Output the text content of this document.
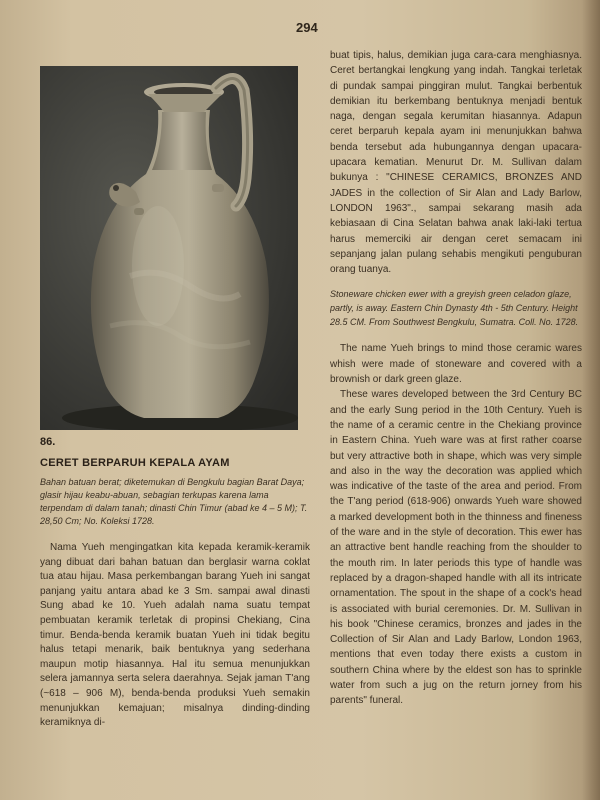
294
86.
CERET BERPARUH KEPALA AYAM
Bahan batuan berat; diketemukan di Bengkulu bagian Barat Daya; glasir hijau keabu-abuan, sebagian terkupas karena lama terpendam di dalam tanah; dinasti Chin Timur (abad ke 4 – 5 M); T. 28,50 Cm; No. Koleksi 1728.

Nama Yueh mengingatkan kita kepada keramik-keramik yang dibuat dari bahan batuan dan berglasir warna coklat tua atau hijau. Masa perkembangan barang Yueh ini sangat panjang yaitu antara abad ke 3 Sm. sampai awal dinasti Sung abad ke 10. Yueh adalah nama suatu tempat pembuatan keramik terletak di propinsi Chekiang, Cina timur. Benda-benda keramik buatan Yueh ini tidak begitu halus tetapi menarik, baik bentuknya yang sederhana maupun motip hiasannya. Hal itu semua menunjukkan selera jamannya serta selera daerahnya. Sejak jaman T'ang (~618 – 906 M), benda-benda produksi Yueh semakin menunjukkan kemajuan; misalnya dinding-dinding keramiknya di-

buat tipis, halus, demikian juga cara-cara menghiasnya. Ceret bertangkai lengkung yang indah. Tangkai terletak di pundak sampai pinggiran mulut. Tangkai berbentuk demikian itu berkembang bentuknya menjadi bentuk naga, dengan segala kerumitan hiasannya. Adapun ceret berparuh kepala ayam ini menunjukkan bahwa benda tersebut ada hubungannya dengan upacara-upacara kematian. Menurut Dr. M. Sullivan dalam bukunya : "CHINESE CERAMICS, BRONZES AND JADES in the collection of Sir Alan and Lady Barlow, LONDON 1963"., sampai sekarang masih ada kebiasaan di Cina Selatan bahwa anak laki-laki tertua harus memerciki air dengan ceret semacam ini sepanjang jalan pulang sehabis mengikuti penguburan orang tuanya.

Stoneware chicken ewer with a greyish green celadon glaze, partly, is away. Eastern Chin Dynasty 4th - 5th Century. Height 28.5 CM. From Southwest Bengkulu, Sumatra. Coll. No. 1728.

The name Yueh brings to mind those ceramic wares whish were made of stoneware and covered with a brownish or dark green glaze.

These wares developed between the 3rd Century BC and the early Sung period in the 10th Century. Yueh is the name of a ceramic centre in the Chekiang province in Eastern China. Yueh ware was at first rather coarse but very attractive both in shape, which was very simple and also in the way the decoration was applied which was indicative of the taste of the area and period. From the T'ang period (618-906) onwards Yueh ware showed a marked development both in the thinness and fineness of the ware and in the style of decoration. This ewer has an attractive bent handle reaching from the shoulder to the mouth rim. In later periods this type of handle was replaced by a dragon-shaped handle with all its intricate ornamentation. The spout in the shape of a cock's head is associated with burial ceremonies. Dr. M. Sullivan in his book "Chinese ceramics, bronzes and jades in the Collection of Sir Alan and Lady Barlow, London 1963, mentions that even today there exists a custom in southern China where by the eldest son has to sprinkle water from such a jug on the return jorney from his parents" funeral.
